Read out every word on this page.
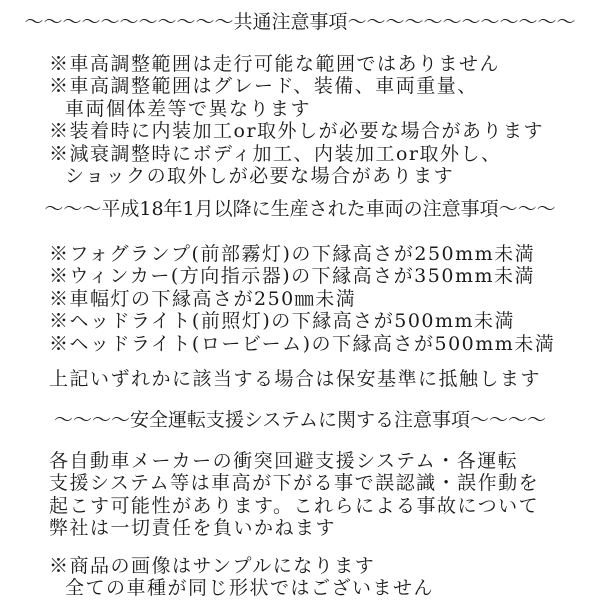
～～～～～～～～～～～共通注意事項～～～～～～～～～～～～
※車高調整範囲は走行可能な範囲ではありません
※車高調整範囲はグレード、装備、車両重量、
車両個体差等で異なります
※装着時に内装加工or取外しが必要な場合があります
※減衰調整時にボディ加工、内装加工or取外し、
ショックの取外しが必要な場合があります
～～～平成18年1月以降に生産された車両の注意事項～～～
※フォグランプ(前部霧灯)の下縁高さが250mm未満
※ウィンカー(方向指示器)の下縁高さが350mm未満
※車幅灯の下縁高さが250㎜未満
※ヘッドライト(前照灯)の下縁高さが500mm未満
※ヘッドライト(ロービーム)の下縁高さが500mm未満
上記いずれかに該当する場合は保安基準に抵触します
～～～～安全運転支援システムに関する注意事項～～～～
各自動車メーカーの衝突回避支援システム・各運転
支援システム等は車高が下がる事で誤認識・誤作動を
起こす可能性があります。これらによる事故について
弊社は一切責任を負いかねます
※商品の画像はサンプルになります
全ての車種が同じ形状ではございません
